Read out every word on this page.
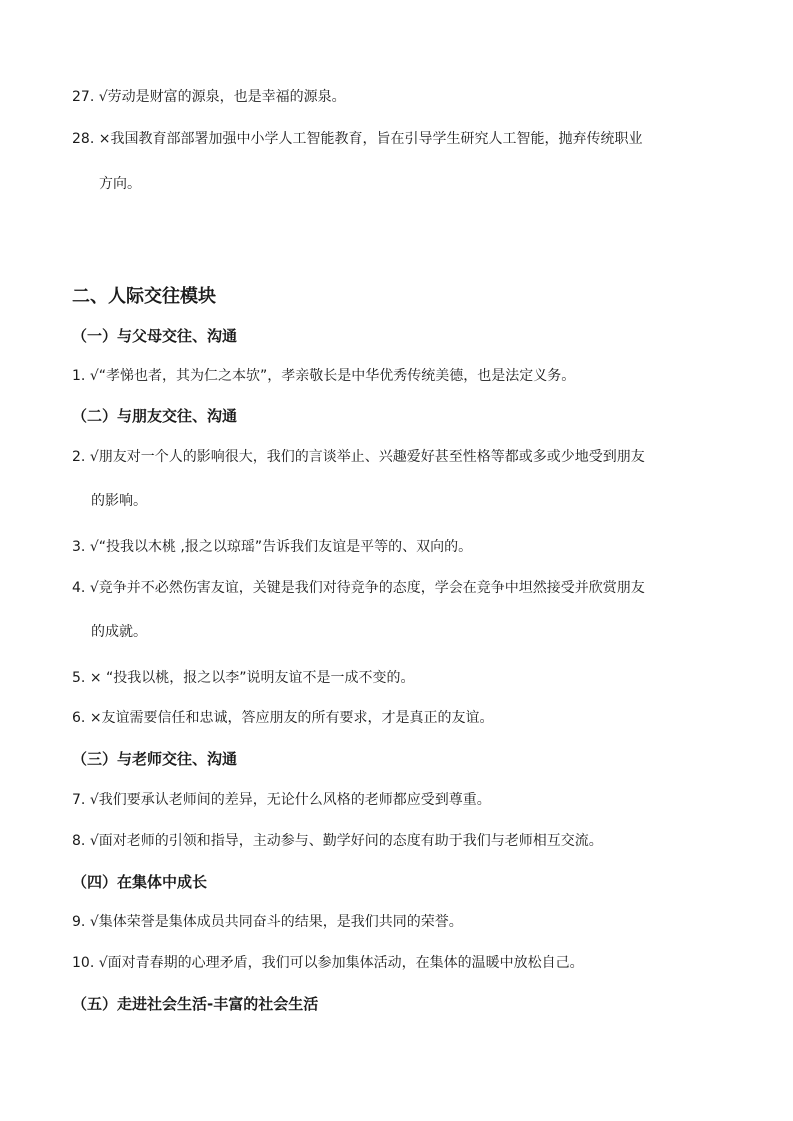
27. √劳动是财富的源泉，也是幸福的源泉。
28. ×我国教育部部署加强中小学人工智能教育，旨在引导学生研究人工智能，抛弃传统职业
方向。
二、人际交往模块
（一）与父母交往、沟通
1. √“孝悌也者，其为仁之本欤”，孝亲敬长是中华优秀传统美德，也是法定义务。
（二）与朋友交往、沟通
2. √朋友对一个人的影响很大，我们的言谈举止、兴趣爱好甚至性格等都或多或少地受到朋友
的影响。
3. √“投我以木桃 ,报之以琼瑶”告诉我们友谊是平等的、双向的。
4. √竞争并不必然伤害友谊，关键是我们对待竞争的态度，学会在竞争中坦然接受并欣赏朋友
的成就。
5. × “投我以桃，报之以李”说明友谊不是一成不变的。
6. ×友谊需要信任和忠诚，答应朋友的所有要求，才是真正的友谊。
（三）与老师交往、沟通
7. √我们要承认老师间的差异，无论什么风格的老师都应受到尊重。
8. √面对老师的引领和指导，主动参与、勤学好问的态度有助于我们与老师相互交流。
（四）在集体中成长
9. √集体荣誉是集体成员共同奋斗的结果，是我们共同的荣誉。
10. √面对青春期的心理矛盾，我们可以参加集体活动，在集体的温暖中放松自己。
（五）走进社会生活-丰富的社会生活
